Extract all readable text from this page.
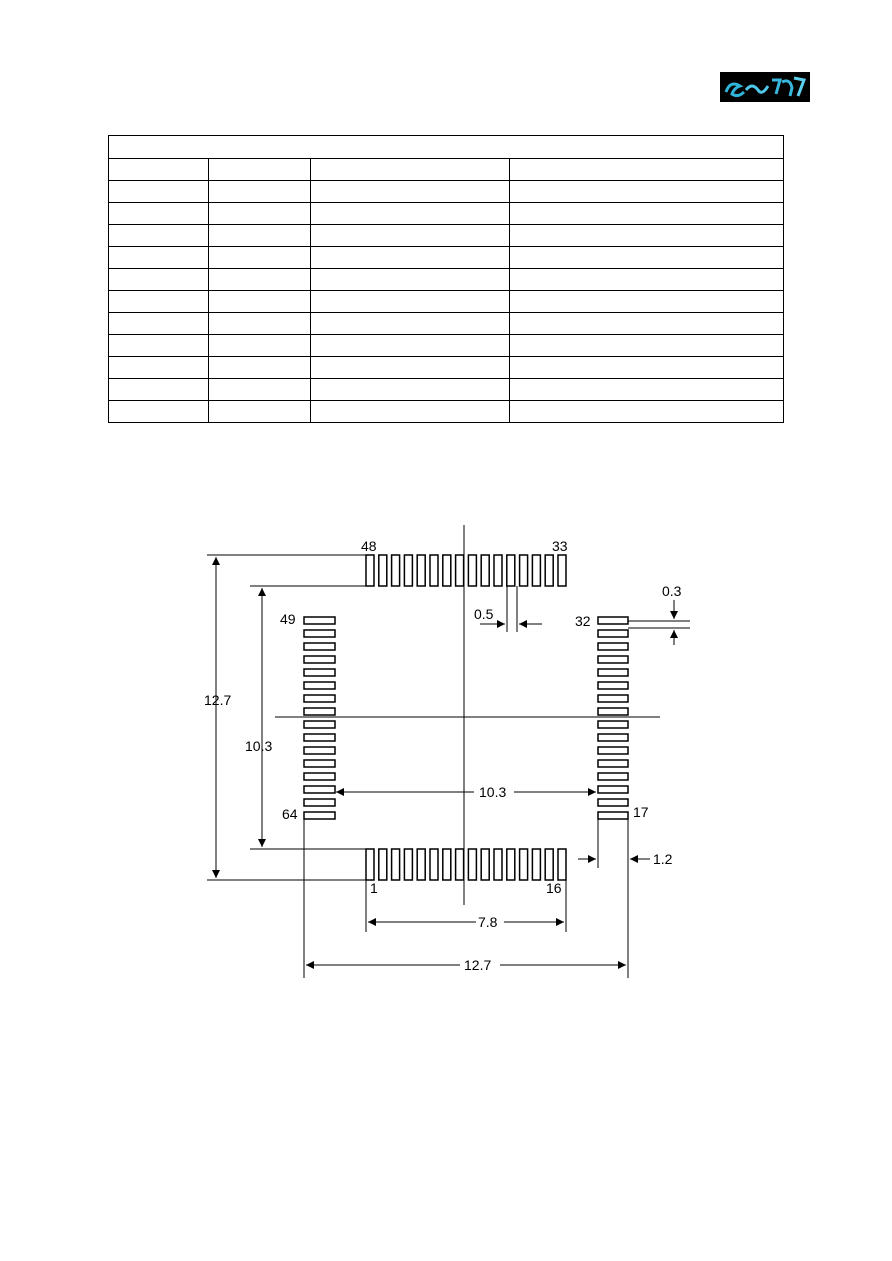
12.7
10.3
10.3
7.8
12.7
0.5
1.2
0.3
48	33
49
64
32
17
1	16
